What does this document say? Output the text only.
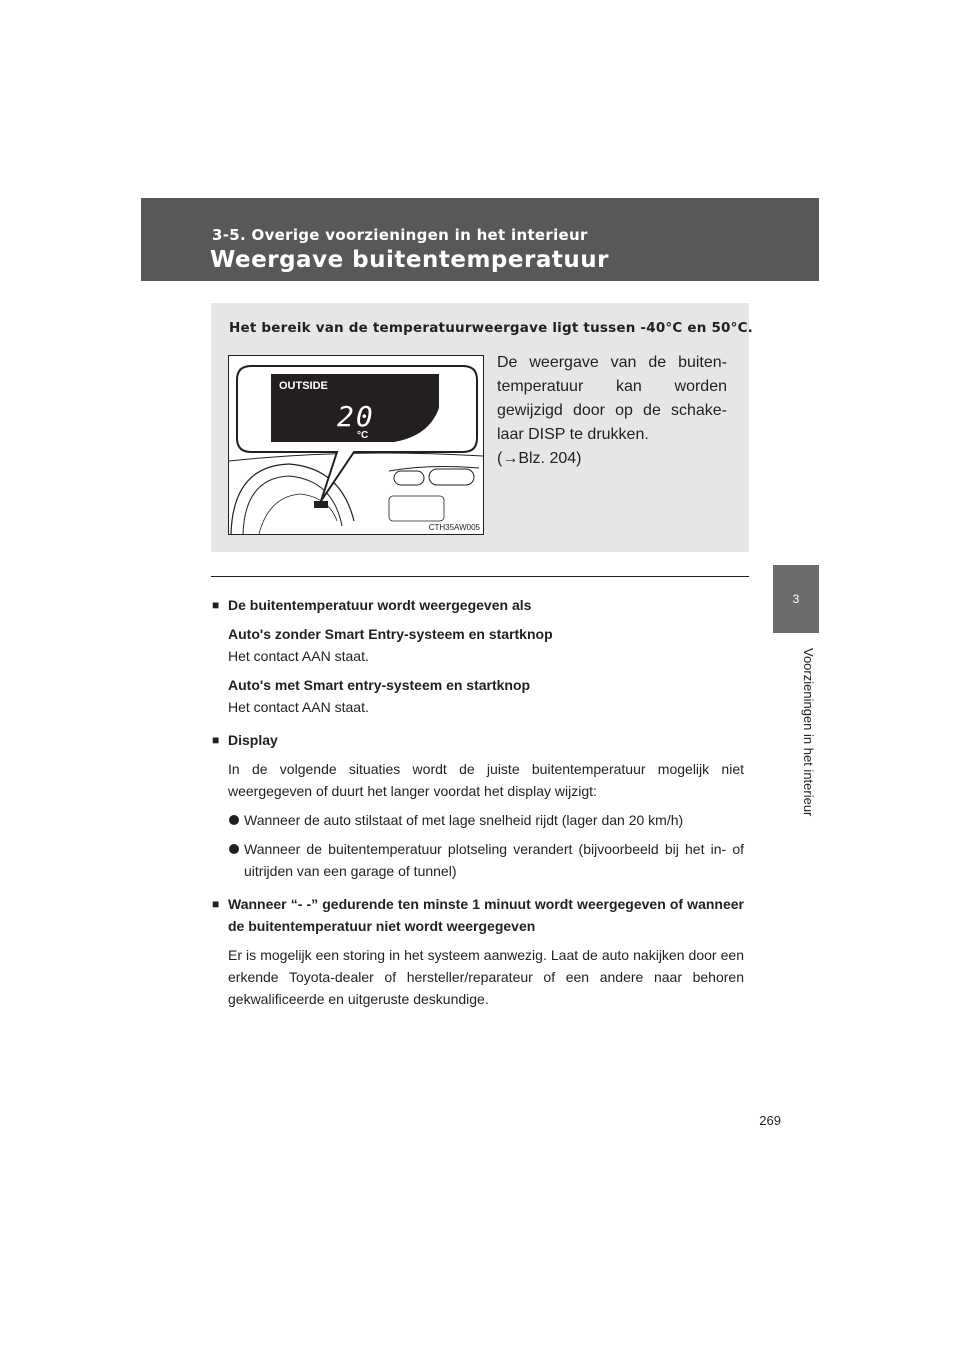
3-5. Overige voorzieningen in het interieur
Weergave buitentemperatuur
3
Voorzieningen in het interieur
Het bereik van de temperatuurweergave ligt tussen -40°C en 50°C.
OUTSIDE
20
°C
CTH35AW005
De weergave van de buiten-temperatuur kan worden gewijzigd door op de schake-laar DISP te drukken.
(→Blz. 204)
■ De buitentemperatuur wordt weergegeven als
Auto's zonder Smart Entry-systeem en startknop
Het contact AAN staat.
Auto's met Smart entry-systeem en startknop
Het contact AAN staat.
■ Display
In de volgende situaties wordt de juiste buitentemperatuur mogelijk niet weergegeven of duurt het langer voordat het display wijzigt:
Wanneer de auto stilstaat of met lage snelheid rijdt (lager dan 20 km/h)
Wanneer de buitentemperatuur plotseling verandert (bijvoorbeeld bij het in- of uitrijden van een garage of tunnel)
■ Wanneer “- -” gedurende ten minste 1 minuut wordt weergegeven of wanneer de buitentemperatuur niet wordt weergegeven
Er is mogelijk een storing in het systeem aanwezig. Laat de auto nakijken door een erkende Toyota-dealer of hersteller/reparateur of een andere naar behoren gekwalificeerde en uitgeruste deskundige.
269
